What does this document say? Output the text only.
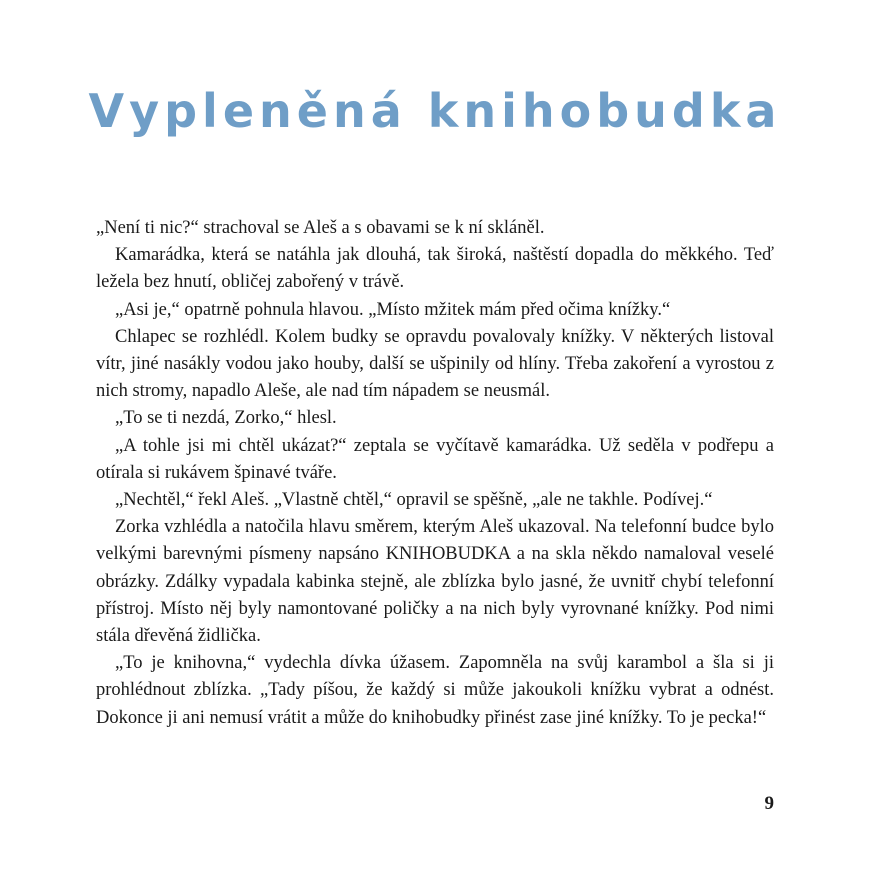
Vypleněná knihobudka

„Není ti nic?“ strachoval se Aleš a s obavami se k ní skláněl.

Kamarádka, která se natáhla jak dlouhá, tak široká, naštěstí dopadla do měkkého. Teď ležela bez hnutí, obličej zabořený v trávě.

„Asi je,“ opatrně pohnula hlavou. „Místo mžitek mám před očima knížky.“

Chlapec se rozhlédl. Kolem budky se opravdu povalovaly knížky. V některých listoval vítr, jiné nasákly vodou jako houby, další se ušpinily od hlíny. Třeba zakoření a vyrostou z nich stromy, napadlo Aleše, ale nad tím nápadem se neusmál.

„To se ti nezdá, Zorko,“ hlesl.

„A tohle jsi mi chtěl ukázat?“ zeptala se vyčítavě kamarádka. Už seděla v podřepu a otírala si rukávem špinavé tváře.

„Nechtěl,“ řekl Aleš. „Vlastně chtěl,“ opravil se spěšně, „ale ne takhle. Podívej.“

Zorka vzhlédla a natočila hlavu směrem, kterým Aleš ukazoval. Na telefonní budce bylo velkými barevnými písmeny napsáno KNIHOBUDKA a na skla někdo namaloval veselé obrázky. Zdálky vypadala kabinka stejně, ale zblízka bylo jasné, že uvnitř chybí telefonní přístroj. Místo něj byly namontované poličky a na nich byly vyrovnané knížky. Pod nimi stála dřevěná židlička.

„To je knihovna,“ vydechla dívka úžasem. Zapomněla na svůj karambol a šla si ji prohlédnout zblízka. „Tady píšou, že každý si může jakoukoli knížku vybrat a odnést. Dokonce ji ani nemusí vrátit a může do knihobudky přinést zase jiné knížky. To je pecka!“

9
